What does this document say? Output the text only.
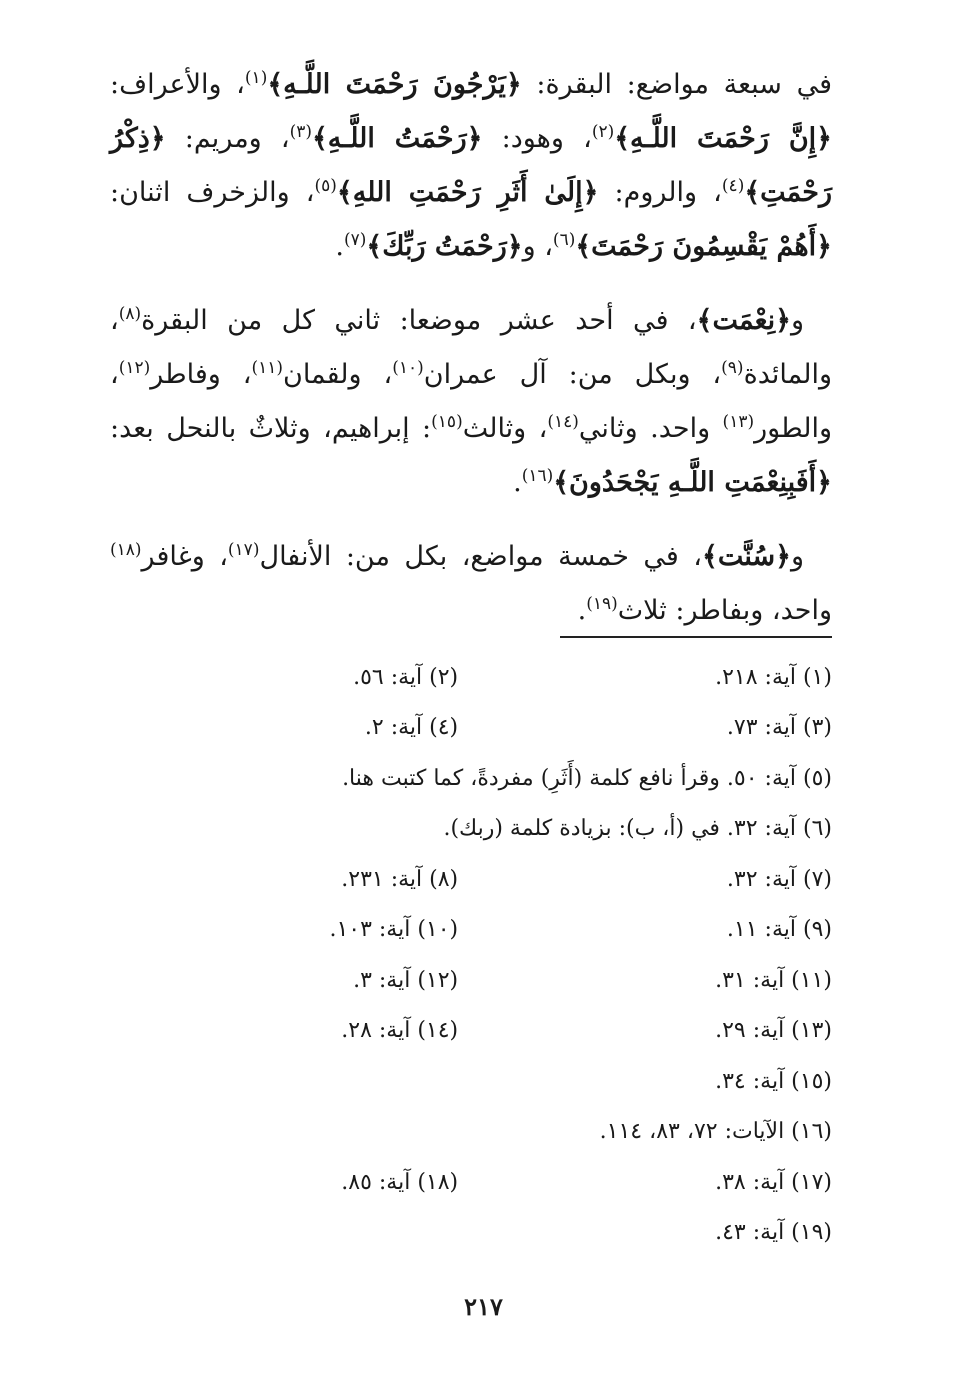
في سبعة مواضع: البقرة: ﴿يَرْجُونَ رَحْمَتَ اللَّـهِ﴾$^{(١)}$، والأعراف: ﴿إِنَّ رَحْمَتَ اللَّـهِ﴾$^{(٢)}$، وهود: ﴿رَحْمَتُ اللَّـهِ﴾$^{(٣)}$، ومريم: ﴿ذِكْرُ رَحْمَتِ﴾$^{(٤)}$، والروم: ﴿إِلَىٰ أَثَرِ رَحْمَتِ اللهِ﴾$^{(٥)}$، والزخرف اثنان: ﴿أَهُمْ يَقْسِمُونَ رَحْمَتَ﴾$^{(٦)}$، و﴿رَحْمَتُ رَبِّكَ﴾$^{(٧)}$.

و﴿نِعْمَت﴾، في أحد عشر موضعا: ثاني كل من البقرة$^{(٨)}$، والمائدة$^{(٩)}$، وبكل من: آل عمران$^{(١٠)}$، ولقمان$^{(١١)}$، وفاطر$^{(١٢)}$، والطور$^{(١٣)}$ واحد. وثاني$^{(١٤)}$، وثالث$^{(١٥)}$: إبراهيم، وثلاثٌ بالنحل بعد: ﴿أَفَبِنِعْمَتِ اللَّـهِ يَجْحَدُونَ﴾$^{(١٦)}$.

و﴿سُنَّت﴾، في خمسة مواضع، بكل من: الأنفال$^{(١٧)}$، وغافر$^{(١٨)}$ واحد، وبفاطر: ثلاث$^{(١٩)}$.

(١) آية: ٢١٨.
(٢) آية: ٥٦.
(٣) آية: ٧٣.
(٤) آية: ٢.
(٥) آية: ٥٠. وقرأ نافع كلمة (أَثَرِ) مفردةً، كما كتبت هنا.
(٦) آية: ٣٢. في (أ، ب): بزيادة كلمة (ربك).
(٧) آية: ٣٢.
(٨) آية: ٢٣١.
(٩) آية: ١١.
(١٠) آية: ١٠٣.
(١١) آية: ٣١.
(١٢) آية: ٣.
(١٣) آية: ٢٩.
(١٤) آية: ٢٨.
(١٥) آية: ٣٤.
(١٦) الآيات: ٧٢، ٨٣، ١١٤.
(١٧) آية: ٣٨.
(١٨) آية: ٨٥.
(١٩) آية: ٤٣.
٢١٧
